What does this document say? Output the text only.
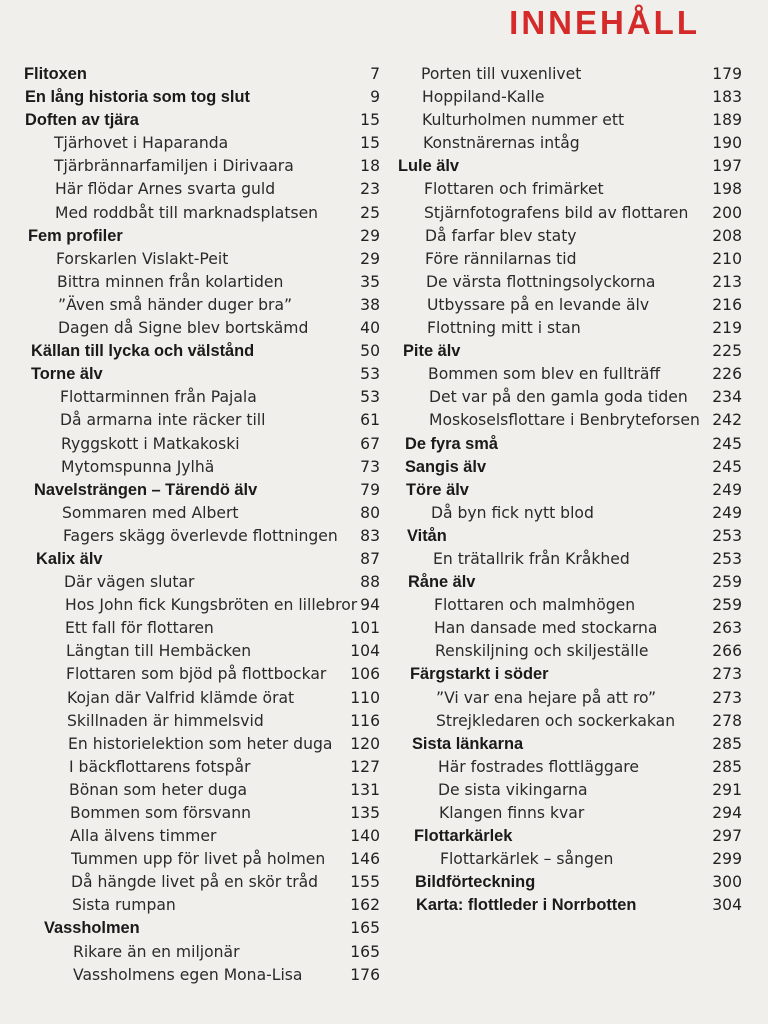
INNEHÅLL
Flitoxen	7
En lång historia som tog slut	9
Doften av tjära	15
Tjärhovet i Haparanda	15
Tjärbrännarfamiljen i Dirivaara	18
Här flödar Arnes svarta guld	23
Med roddbåt till marknadsplatsen	25
Fem profiler	29
Forskarlen Vislakt-Peit	29
Bittra minnen från kolartiden	35
”Även små händer duger bra”	38
Dagen då Signe blev bortskämd	40
Källan till lycka och välstånd	50
Torne älv	53
Flottarminnen från Pajala	53
Då armarna inte räcker till	61
Ryggskott i Matkakoski	67
Mytomspunna Jylhä	73
Navelsträngen – Tärendö älv	79
Sommaren med Albert	80
Fagers skägg överlevde flottningen 83
Kalix älv	87
Där vägen slutar	88
Hos John fick Kungsbröten en lillebror 94
Ett fall för flottaren	101
Längtan till Hembäcken	104
Flottaren som bjöd på flottbockar 106
Kojan där Valfrid klämde örat	110
Skillnaden är himmelsvid	116
En historielektion som heter duga 120
I bäckflottarens fotspår	127
Bönan som heter duga	131
Bommen som försvann	135
Alla älvens timmer	140
Tummen upp för livet på holmen 146
Då hängde livet på en skör tråd 155
Sista rumpan	162
Vassholmen	165
Rikare än en miljonär	165
Vassholmens egen Mona-Lisa	176
Porten till vuxenlivet	179
Hoppiland-Kalle	183
Kulturholmen nummer ett	189
Konstnärernas intåg	190
Lule älv	197
Flottaren och frimärket	198
Stjärnfotografens bild av flottaren 200
Då farfar blev staty	208
Före rännilarnas tid	210
De värsta flottningsolyckorna	213
Utbyssare på en levande älv	216
Flottning mitt i stan	219
Pite älv	225
Bommen som blev en fullträff	226
Det var på den gamla goda tiden 234
Moskoselsflottare i Benbryteforsen 242
De fyra små	245
Sangis älv	245
Töre älv	249
Då byn fick nytt blod	249
Vitån	253
En trätallrik från Kråkhed	253
Råne älv	259
Flottaren och malmhögen	259
Han dansade med stockarna	263
Renskiljning och skiljeställe	266
Färgstarkt i söder	273
”Vi var ena hejare på att ro”	273
Strejkledaren och sockerkakan 278
Sista länkarna	285
Här fostrades flottläggare	285
De sista vikingarna	291
Klangen finns kvar	294
Flottarkärlek	297
Flottarkärlek – sången	299
Bildförteckning	300
Karta: flottleder i Norrbotten	304
